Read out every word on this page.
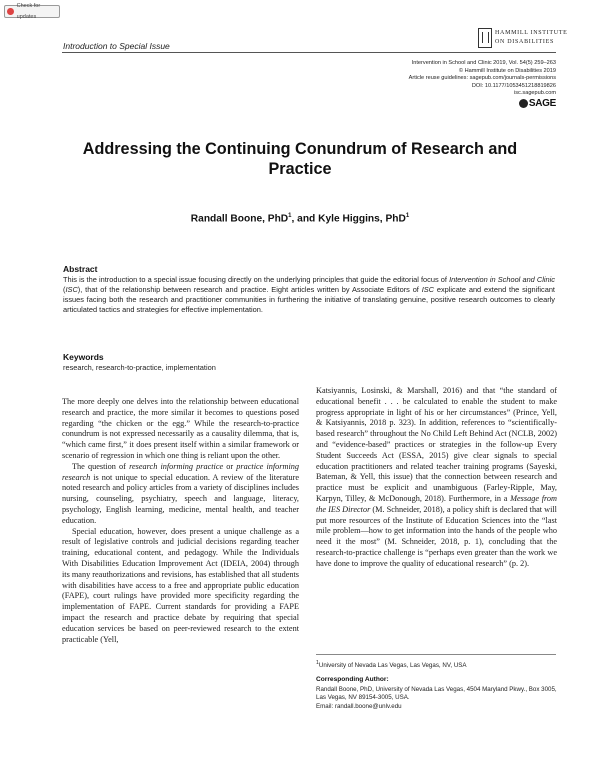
Check for updates
Introduction to Special Issue
HAMMILL INSTITUTE
ON DISABILITIES
Intervention in School and Clinic 2019, Vol. 54(5) 259–263
© Hammill Institute on Disabilities 2019
Article reuse guidelines: sagepub.com/journals-permissions
DOI: 10.1177/1053451218819826
isc.sagepub.com
SAGE
Addressing the Continuing Conundrum of Research and Practice
Randall Boone, PhD$^1$, and Kyle Higgins, PhD$^1$
Abstract
This is the introduction to a special issue focusing directly on the underlying principles that guide the editorial focus of Intervention in School and Clinic (ISC), that of the relationship between research and practice. Eight articles written by Associate Editors of ISC explicate and extend the significant issues facing both the research and practitioner communities in furthering the initiative of translating genuine, positive research outcomes to clearly articulated tactics and strategies for effective implementation.
Keywords
research, research-to-practice, implementation

The more deeply one delves into the relationship between educational research and practice, the more similar it becomes to questions posed regarding “the chicken or the egg.” While the research-to-practice conundrum is not expressed necessarily as a causality dilemma, that is, “which came first,” it does present itself within a similar framework or scenario of regression in which one thing is reliant upon the other.

The question of research informing practice or practice informing research is not unique to special education. A review of the literature noted research and policy articles from a variety of disciplines includes nursing, counseling, psychiatry, speech and language, literacy, psychology, English learning, medicine, mental health, and teacher education.

Special education, however, does present a unique challenge as a result of legislative controls and judicial decisions regarding teacher training, educational content, and pedagogy. While the Individuals With Disabilities Education Improvement Act (IDEIA, 2004) through its many reauthorizations and revisions, has established that all students with disabilities have access to a free and appropriate public education (FAPE), court rulings have provided more specificity regarding the implementation of FAPE. Current standards for providing a FAPE impact the research and practice debate by requiring that special education services be based on peer-reviewed research to the extent practicable (Yell,

Katsiyannis, Losinski, & Marshall, 2016) and that “the standard of educational benefit . . . be calculated to enable the student to make progress appropriate in light of his or her circumstances” (Prince, Yell, & Katsiyannis, 2018 p. 323). In addition, references to “scientifically-based research” throughout the No Child Left Behind Act (NCLB, 2002) and “evidence-based” practices or strategies in the follow-up Every Student Succeeds Act (ESSA, 2015) give clear signals to special education practitioners and related teacher training programs (Sayeski, Bateman, & Yell, this issue) that the connection between research and practice must be explicit and unambiguous (Farley-Ripple, May, Karpyn, Tilley, & McDonough, 2018). Furthermore, in a Message from the IES Director (M. Schneider, 2018), a policy shift is declared that will put more resources of the Institute of Education Sciences into the “last mile problem—how to get information into the hands of the people who need it the most” (M. Schneider, 2018, p. 1), concluding that the research-to-practice challenge is “perhaps even greater than the work we have done to improve the quality of educational research” (p. 2).

$^1$University of Nevada Las Vegas, Las Vegas, NV, USA
Corresponding Author:
Randall Boone, PhD, University of Nevada Las Vegas, 4504 Maryland Pkwy., Box 3005, Las Vegas, NV 89154-3005, USA.
Email: randall.boone@unlv.edu
